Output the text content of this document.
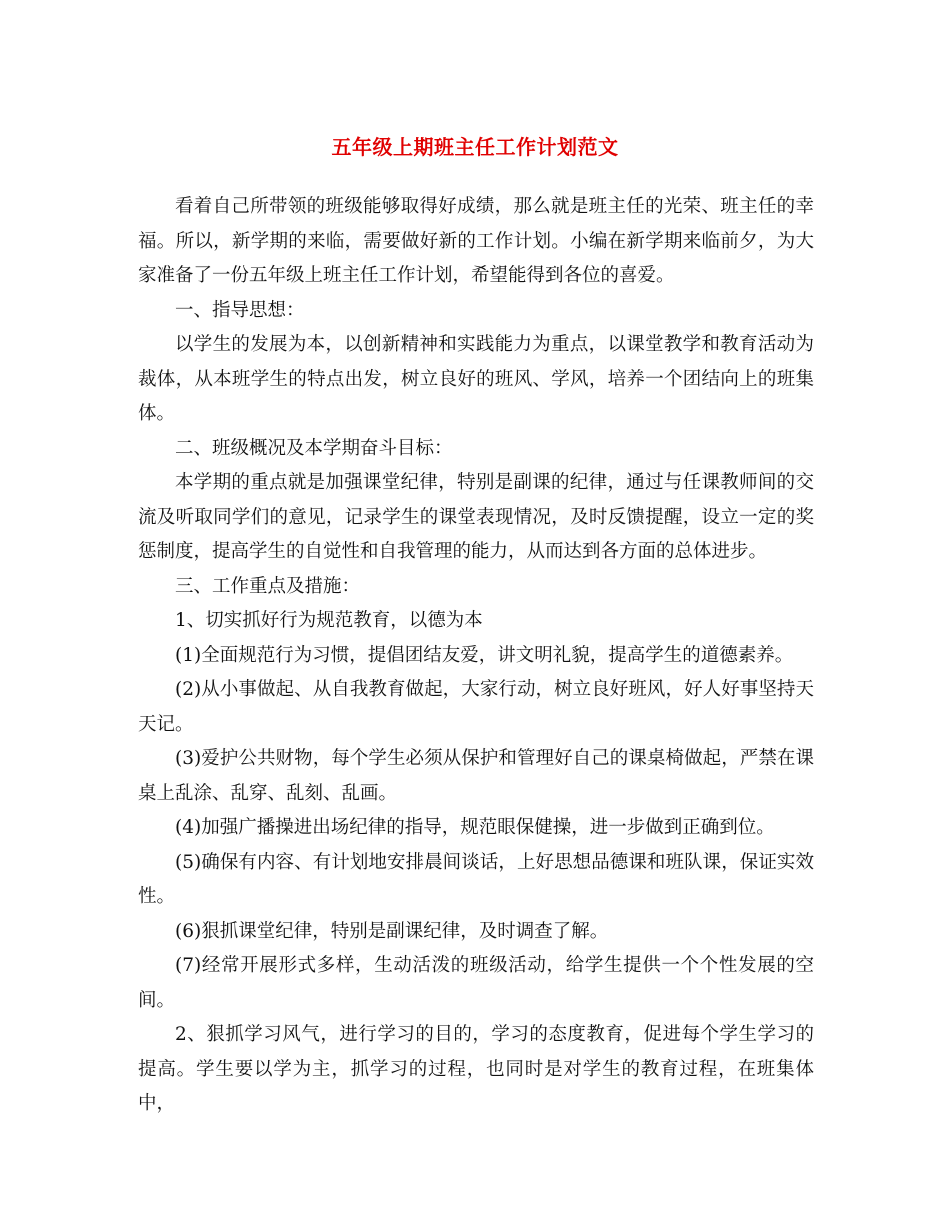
五年级上期班主任工作计划范文

看着自己所带领的班级能够取得好成绩，那么就是班主任的光荣、班主任的幸福。所以，新学期的来临，需要做好新的工作计划。小编在新学期来临前夕，为大家准备了一份五年级上班主任工作计划，希望能得到各位的喜爱。

一、指导思想：

以学生的发展为本，以创新精神和实践能力为重点，以课堂教学和教育活动为裁体，从本班学生的特点出发，树立良好的班风、学风，培养一个团结向上的班集体。

二、班级概况及本学期奋斗目标：

本学期的重点就是加强课堂纪律，特别是副课的纪律，通过与任课教师间的交流及听取同学们的意见，记录学生的课堂表现情况，及时反馈提醒，设立一定的奖惩制度，提高学生的自觉性和自我管理的能力，从而达到各方面的总体进步。

三、工作重点及措施：

1、切实抓好行为规范教育，以德为本

(1)全面规范行为习惯，提倡团结友爱，讲文明礼貌，提高学生的道德素养。

(2)从小事做起、从自我教育做起，大家行动，树立良好班风，好人好事坚持天天记。

(3)爱护公共财物，每个学生必须从保护和管理好自己的课桌椅做起，严禁在课桌上乱涂、乱穿、乱刻、乱画。

(4)加强广播操进出场纪律的指导，规范眼保健操，进一步做到正确到位。

(5)确保有内容、有计划地安排晨间谈话，上好思想品德课和班队课，保证实效性。

(6)狠抓课堂纪律，特别是副课纪律，及时调查了解。

(7)经常开展形式多样，生动活泼的班级活动，给学生提供一个个性发展的空间。

2、狠抓学习风气，进行学习的目的，学习的态度教育，促进每个学生学习的提高。学生要以学为主，抓学习的过程，也同时是对学生的教育过程，在班集体中，
